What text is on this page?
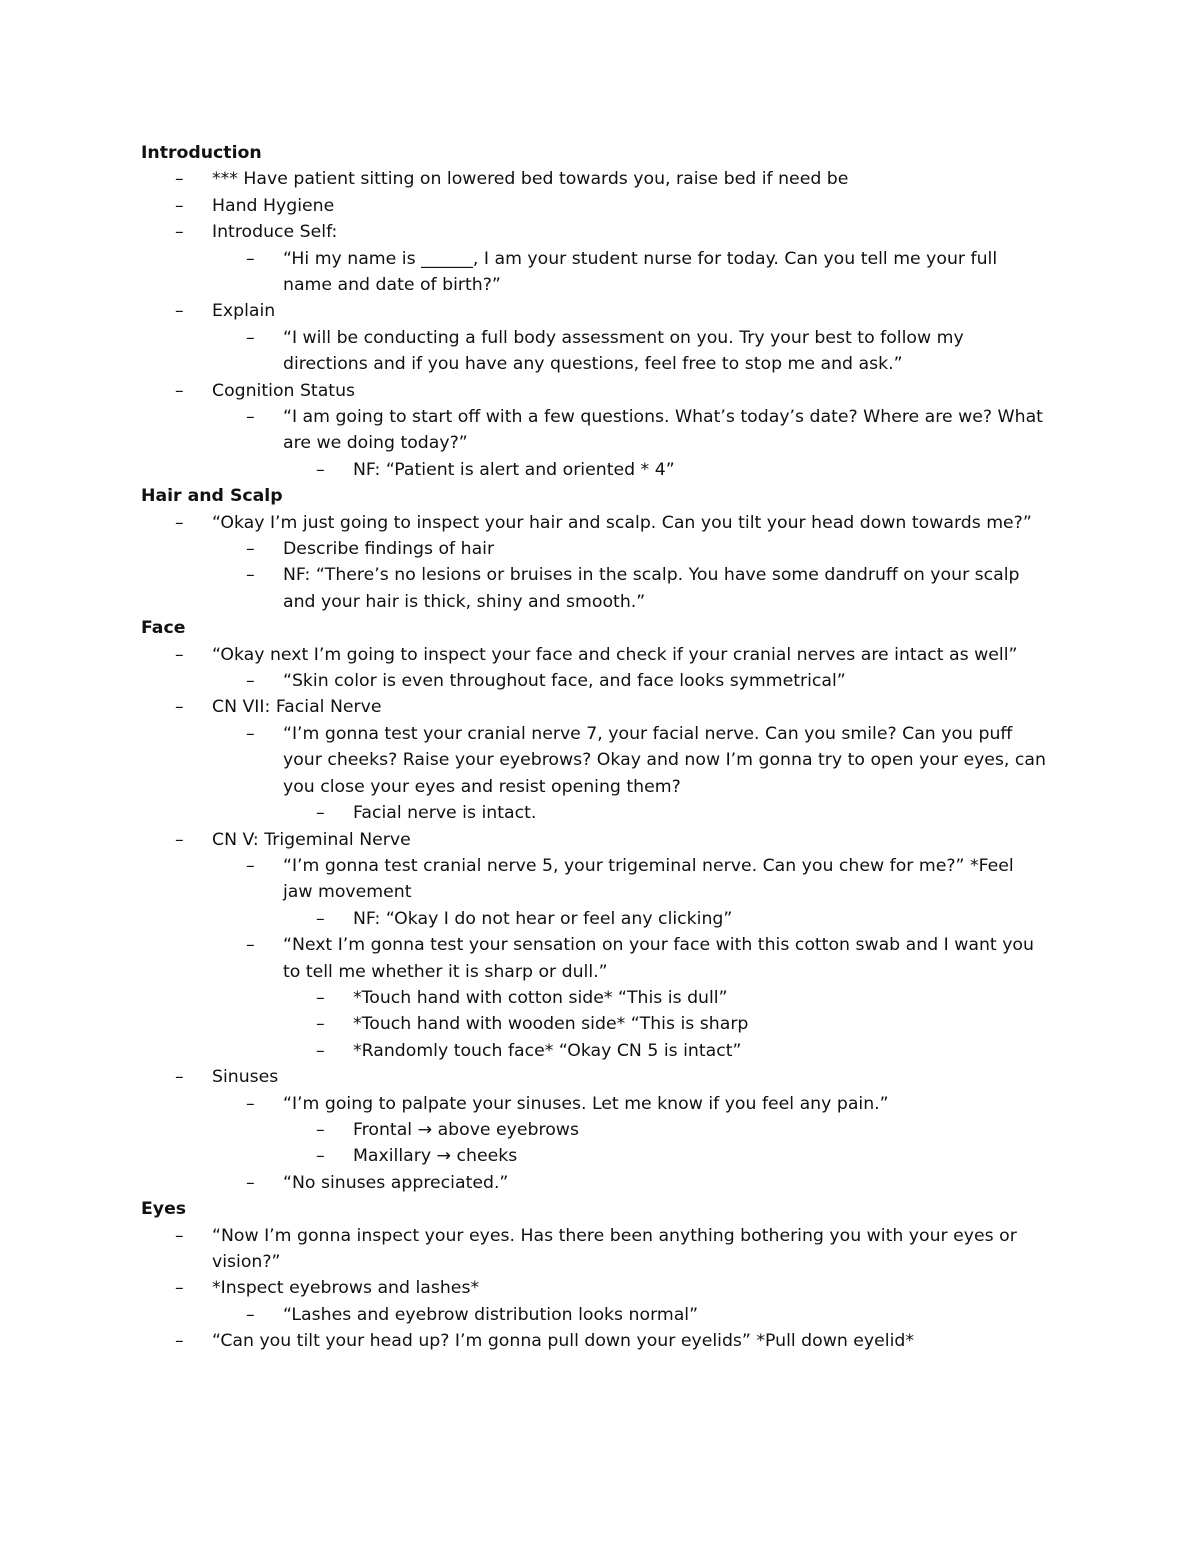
Introduction
– *** Have patient sitting on lowered bed towards you, raise bed if need be
– Hand Hygiene
– Introduce Self:
– “Hi my name is ______, I am your student nurse for today. Can you tell me your full name and date of birth?”
– Explain
– “I will be conducting a full body assessment on you. Try your best to follow my directions and if you have any questions, feel free to stop me and ask.”
– Cognition Status
– “I am going to start off with a few questions. What’s today’s date? Where are we? What are we doing today?”
– NF: “Patient is alert and oriented * 4”
Hair and Scalp
– “Okay I’m just going to inspect your hair and scalp. Can you tilt your head down towards me?”
– Describe findings of hair
– NF: “There’s no lesions or bruises in the scalp. You have some dandruff on your scalp and your hair is thick, shiny and smooth.”
Face
– “Okay next I’m going to inspect your face and check if your cranial nerves are intact as well”
– “Skin color is even throughout face, and face looks symmetrical”
– CN VII: Facial Nerve
– “I’m gonna test your cranial nerve 7, your facial nerve. Can you smile? Can you puff your cheeks? Raise your eyebrows? Okay and now I’m gonna try to open your eyes, can you close your eyes and resist opening them?
– Facial nerve is intact.
– CN V: Trigeminal Nerve
– “I’m gonna test cranial nerve 5, your trigeminal nerve. Can you chew for me?” *Feel jaw movement
– NF: “Okay I do not hear or feel any clicking”
– “Next I’m gonna test your sensation on your face with this cotton swab and I want you to tell me whether it is sharp or dull.”
– *Touch hand with cotton side* “This is dull”
– *Touch hand with wooden side* “This is sharp
– *Randomly touch face* “Okay CN 5 is intact”
– Sinuses
– “I’m going to palpate your sinuses. Let me know if you feel any pain.”
– Frontal → above eyebrows
– Maxillary → cheeks
– “No sinuses appreciated.”
Eyes
– “Now I’m gonna inspect your eyes. Has there been anything bothering you with your eyes or vision?”
– *Inspect eyebrows and lashes*
– “Lashes and eyebrow distribution looks normal”
– “Can you tilt your head up? I’m gonna pull down your eyelids” *Pull down eyelid*
